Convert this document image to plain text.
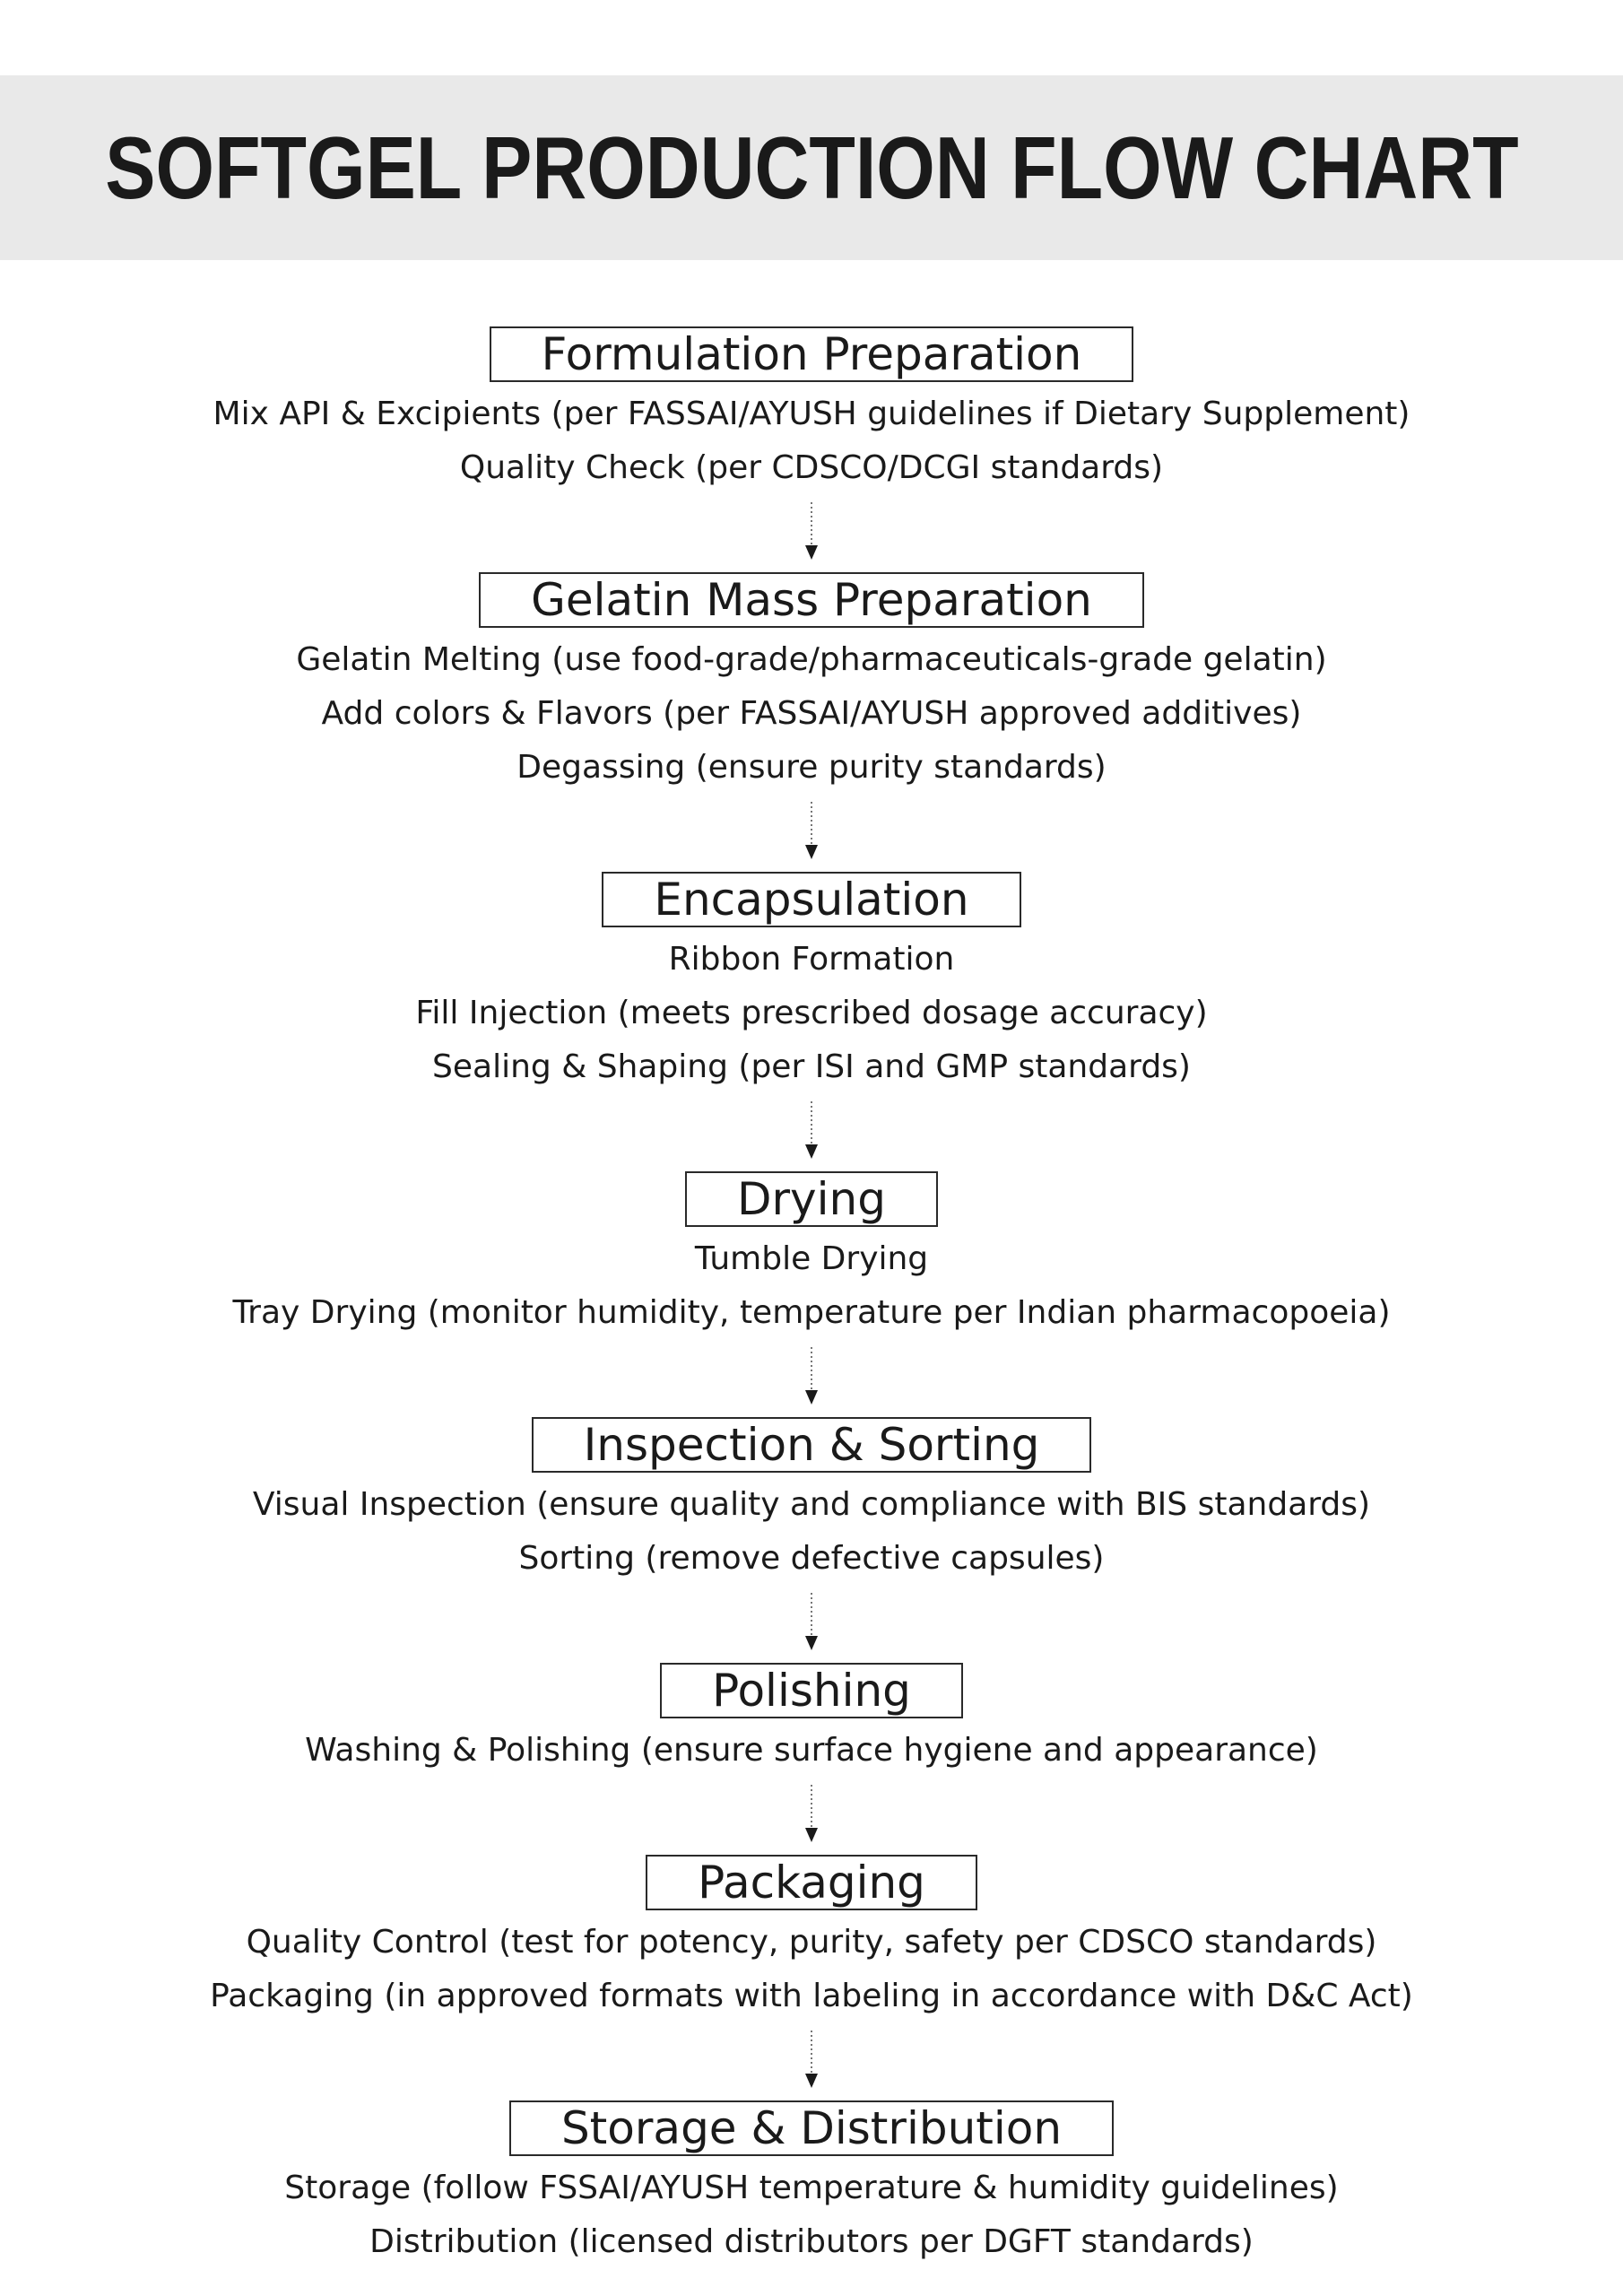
SOFTGEL PRODUCTION FLOW CHART
Formulation Preparation
Mix API & Excipients (per FASSAI/AYUSH guidelines if Dietary Supplement)
Quality Check (per CDSCO/DCGI standards)
Gelatin Mass Preparation
Gelatin Melting (use food-grade/pharmaceuticals-grade gelatin)
Add colors & Flavors (per FASSAI/AYUSH approved additives)
Degassing (ensure purity standards)
Encapsulation
Ribbon Formation
Fill Injection (meets prescribed dosage accuracy)
Sealing & Shaping (per ISI and GMP standards)
Drying
Tumble Drying
Tray Drying (monitor humidity, temperature per Indian pharmacopoeia)
Inspection & Sorting
Visual Inspection (ensure quality and compliance with BIS standards)
Sorting (remove defective capsules)
Polishing
Washing & Polishing (ensure surface hygiene and appearance)
Packaging
Quality Control (test for potency, purity, safety per CDSCO standards)
Packaging (in approved formats with labeling in accordance with D&C Act)
Storage & Distribution
Storage (follow FSSAI/AYUSH temperature & humidity guidelines)
Distribution (licensed distributors per DGFT standards)
